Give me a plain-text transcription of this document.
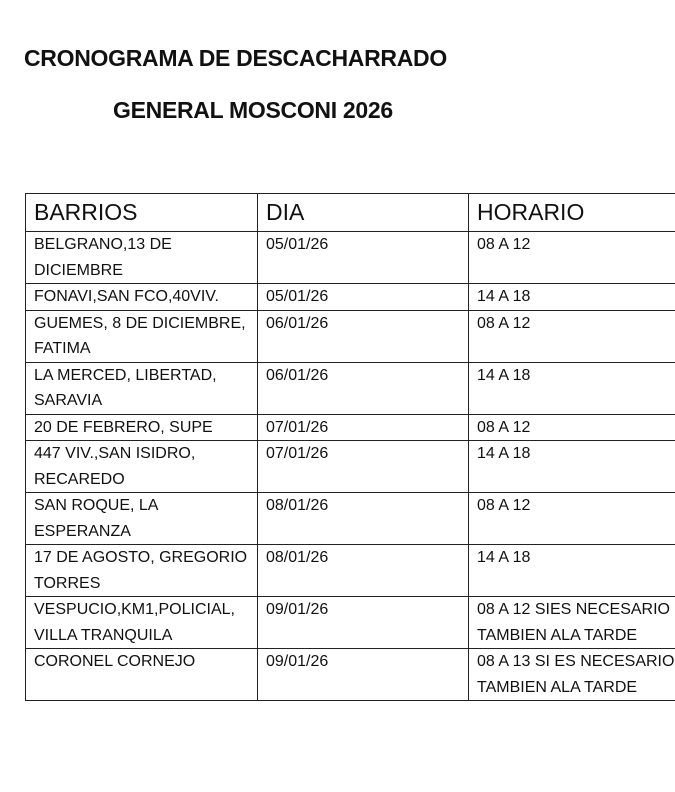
CRONOGRAMA DE DESCACHARRADO
GENERAL MOSCONI 2026
BARRIOS	DIA	HORARIO
BELGRANO,13 DE DICIEMBRE	05/01/26	08 A 12
FONAVI,SAN FCO,40VIV.	05/01/26	14 A 18
GUEMES, 8 DE DICIEMBRE, FATIMA	06/01/26	08 A 12
LA MERCED, LIBERTAD, SARAVIA	06/01/26	14 A 18
20 DE FEBRERO, SUPE	07/01/26	08 A 12
447 VIV.,SAN ISIDRO, RECAREDO	07/01/26	14 A 18
SAN ROQUE, LA ESPERANZA	08/01/26	08 A 12
17 DE AGOSTO, GREGORIO TORRES	08/01/26	14 A 18
VESPUCIO,KM1,POLICIAL, VILLA TRANQUILA	09/01/26	08 A 12 SIES NECESARIO TAMBIEN ALA TARDE
CORONEL CORNEJO	09/01/26	08 A 13 SI ES NECESARIO TAMBIEN ALA TARDE
